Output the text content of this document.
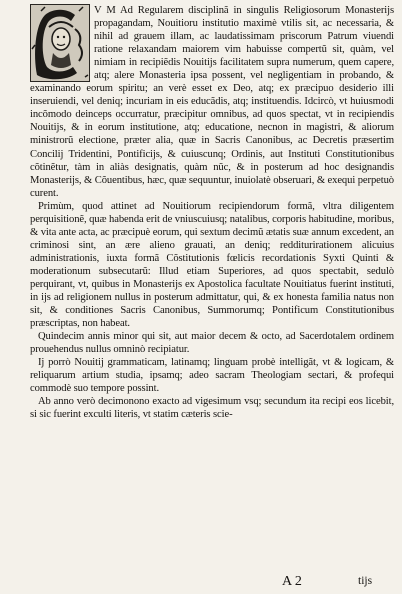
V M Ad Regularem disciplinã in singulis Religiosorum Monasterijs propagandam, Nouitioru institutio maximè vtilis sit, ac necessaria, & nihil ad grauem illam, ac laudatissimam priscorum Patrum viuendi ratione relaxandam maiorem vim habuisse compertũ sit, quàm, vel nimiam in recipiẽdis Nouitijs facilitatem supra numerum, quem capere, atq; alere Monasteria ipsa possent, vel negligentiam in probando, & examinando eorum spiritu; an verè esset ex Deo, atq; ex præcipuo desiderio illi inseruiendi, vel deniq; incuriam in eis educãdis, atq; instituendis. Idcircò, vt huiusmodi incõmodo deinceps occurratur, præcipitur omnibus, ad quos spectat, vt in recipiendis Nouitijs, & in eorum institutione, atq; educatione, necnon in magistri, & aliorum ministrorũ electione, præter alia, quæ in Sacris Canonibus, ac Decretis præsertim Concilij Tridentini, Pontificijs, & cuiuscunq; Ordinis, aut Instituti Constitutionibus cõtinẽtur, tàm in aliàs designatis, quàm nũc, & in posterum ad hoc designandis Monasterijs, & Cõuentibus, hæc, quæ sequuntur, inuiolatè obseruari, & exequi perpetuò curent.

Primùm, quod attinet ad Nouitiorum recipiendorum formã, vltra diligentem perquisitionẽ, quæ habenda erit de vniuscuiusq; natalibus, corporis habitudine, moribus, & vita ante acta, ac præcipuè eorum, qui sextum decimũ ætatis suæ annum excedent, an criminosi sint, an ære alieno grauati, an deniq; redditurirationem alicuius administrationis, iuxta formã Cõstitutionis fœlicis recordationis Syxti Quinti & moderationum subsecutarũ: Illud etiam Superiores, ad quos spectabit, sedulò perquirant, vt, quibus in Monasterijs ex Apostolica facultate Nouitiatus fuerint instituti, in ijs ad religionem nullus in posterum admittatur, qui, & ex honesta familia natus non sit, & conditiones Sacris Canonibus, Summorumq; Pontificum Constitutionibus præscriptas, non habeat.

Quindecim annis minor qui sit, aut maior decem & octo, ad Sacerdotalem ordinem prouehendus nullus omninò recipiatur.

Ij porrò Nouitij grammaticam, latinamq; linguam probè intelligãt, vt & logicam, & reliquarum artium studia, ipsamq; adeo sacram Theologiam sectari, & profequi commodè suo tempore possint.

Ab anno verò decimonono exacto ad vigesimum vsq; secundum ita recipi eos licebit, si sic fuerint exculti literis, vt statim cæteris scie-

A 2	tijs
